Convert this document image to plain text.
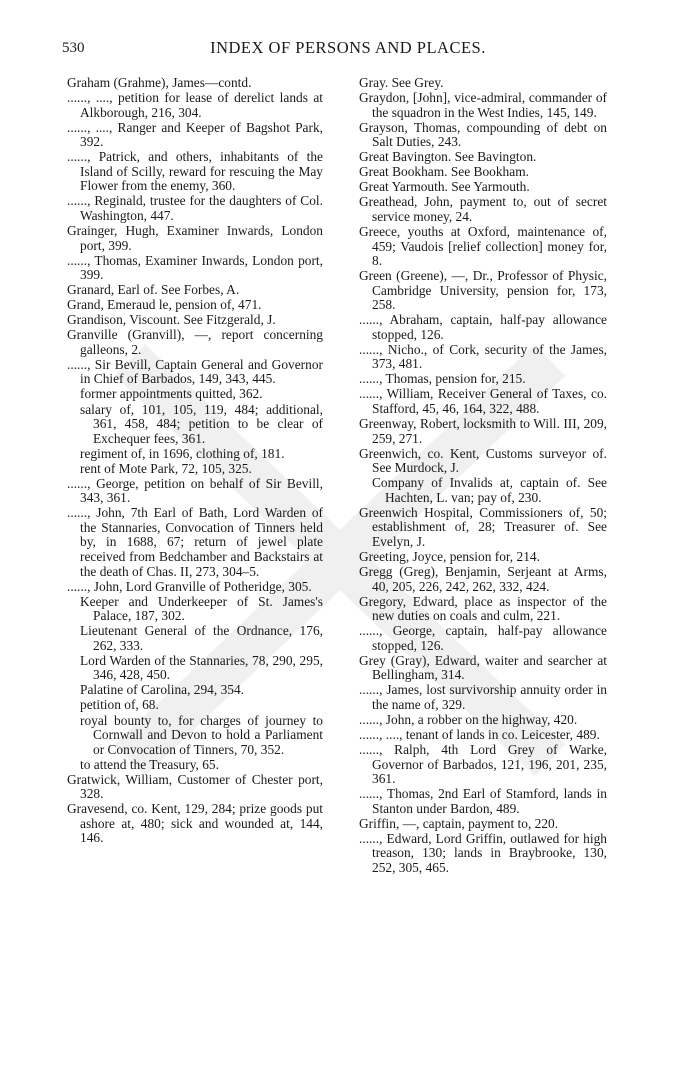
530	INDEX OF PERSONS AND PLACES.
Graham (Grahme), James—contd.
......, ...., petition for lease of derelict lands at Alkborough, 216, 304.
......, ...., Ranger and Keeper of Bagshot Park, 392.
......, Patrick, and others, inhabitants of the Island of Scilly, reward for rescuing the May Flower from the enemy, 360.
......, Reginald, trustee for the daughters of Col. Washington, 447.
Grainger, Hugh, Examiner Inwards, London port, 399.
......, Thomas, Examiner Inwards, London port, 399.
Granard, Earl of. See Forbes, A.
Grand, Emeraud le, pension of, 471.
Grandison, Viscount. See Fitzgerald, J.
Granville (Granvill), —, report concerning galleons, 2.
......, Sir Bevill, Captain General and Governor in Chief of Barbados, 149, 343, 445.
former appointments quitted, 362.
salary of, 101, 105, 119, 484; additional, 361, 458, 484; petition to be clear of Exchequer fees, 361.
regiment of, in 1696, clothing of, 181.
rent of Mote Park, 72, 105, 325.
......, George, petition on behalf of Sir Bevill, 343, 361.
......, John, 7th Earl of Bath, Lord Warden of the Stannaries, Convocation of Tinners held by, in 1688, 67; return of jewel plate received from Bedchamber and Backstairs at the death of Chas. II, 273, 304–5.
......, John, Lord Granville of Potheridge, 305.
Keeper and Underkeeper of St. James's Palace, 187, 302.
Lieutenant General of the Ordnance, 176, 262, 333.
Lord Warden of the Stannaries, 78, 290, 295, 346, 428, 450.
Palatine of Carolina, 294, 354.
petition of, 68.
royal bounty to, for charges of journey to Cornwall and Devon to hold a Parliament or Convocation of Tinners, 70, 352.
to attend the Treasury, 65.
Gratwick, William, Customer of Chester port, 328.
Gravesend, co. Kent, 129, 284; prize goods put ashore at, 480; sick and wounded at, 144, 146.
Gray. See Grey.
Graydon, [John], vice-admiral, commander of the squadron in the West Indies, 145, 149.
Grayson, Thomas, compounding of debt on Salt Duties, 243.
Great Bavington. See Bavington.
Great Bookham. See Bookham.
Great Yarmouth. See Yarmouth.
Greathead, John, payment to, out of secret service money, 24.
Greece, youths at Oxford, maintenance of, 459; Vaudois [relief collection] money for, 8.
Green (Greene), —, Dr., Professor of Physic, Cambridge University, pension for, 173, 258.
......, Abraham, captain, half-pay allowance stopped, 126.
......, Nicho., of Cork, security of the James, 373, 481.
......, Thomas, pension for, 215.
......, William, Receiver General of Taxes, co. Stafford, 45, 46, 164, 322, 488.
Greenway, Robert, locksmith to Will. III, 209, 259, 271.
Greenwich, co. Kent, Customs surveyor of. See Murdock, J.
Company of Invalids at, captain of. See Hachten, L. van; pay of, 230.
Greenwich Hospital, Commissioners of, 50; establishment of, 28; Treasurer of. See Evelyn, J.
Greeting, Joyce, pension for, 214.
Gregg (Greg), Benjamin, Serjeant at Arms, 40, 205, 226, 242, 262, 332, 424.
Gregory, Edward, place as inspector of the new duties on coals and culm, 221.
......, George, captain, half-pay allowance stopped, 126.
Grey (Gray), Edward, waiter and searcher at Bellingham, 314.
......, James, lost survivorship annuity order in the name of, 329.
......, John, a robber on the highway, 420.
......, ...., tenant of lands in co. Leicester, 489.
......, Ralph, 4th Lord Grey of Warke, Governor of Barbados, 121, 196, 201, 235, 361.
......, Thomas, 2nd Earl of Stamford, lands in Stanton under Bardon, 489.
Griffin, —, captain, payment to, 220.
......, Edward, Lord Griffin, outlawed for high treason, 130; lands in Braybrooke, 130, 252, 305, 465.
